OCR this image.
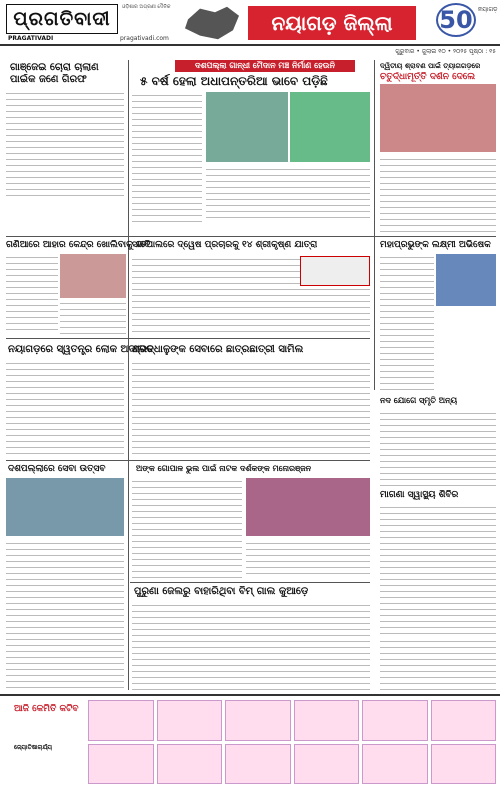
ଓଡ଼ିଶାର ଅଗ୍ରଣୀ ଦୈନିକ
ପ୍ରଗତିବାଦୀ
PRAGATIVADI	pragativadi.com
ନୟାଗଡ଼ ଜିଲ୍ଲା	50 ନୟାଗଡ଼
ଗୁରୁବାର • ଜୁଲାଇ ୧୦ • ୨୦୨୫ ପୃଷ୍ଠା : ୧୫
ଗାଞ୍ଜେଇ ଚୋରା ଚାଲାଣ
ପାଇଁକ ଜଣେ ଗିରଫ
ଦଶପଲ୍ଲା ଗାନ୍ଧୀ ମୈଦାନ ମଞ୍ଚ ନିର୍ମାଣ ହେଉନି
୫ ବର୍ଷ ହେଲା ଅଧାପନ୍ତରିଆ ଭାବେ ପଡ଼ିଛି
ଦ୍ୱିତୀୟ ଶ୍ରାବଣ ପାଇଁ ତ୍ୟାଗଗଡ଼ରେ
ଚତୁର୍ଦ୍ଧାମୂର୍ତ୍ତି ଦର୍ଶନ ଦେଲେ
ଗଣିଆରେ ଆହାର କେନ୍ଦ୍ର ଖୋଲିବାକୁ ଦାବି
ସାତପାଲରେ ଦ୍ୱେଷ ପ୍ରଚାରକୁ ୧୪ ଶ୍ରୀକୃଷ୍ଣ ଯାତ୍ରା	ମହାପ୍ରଭୁଙ୍କ ଲକ୍ଷ୍ମୀ ଅଭିଷେକ
ନୟାଗଡ଼ରେ ସ୍ୱତନ୍ତ୍ର ଲୋକ ଅଦାଲତ
ଶ୍ରଦ୍ଧାଳୁଙ୍କ ସେବାରେ ଛାତ୍ରଛାତ୍ରୀ ସାମିଲ
ନଦ ଯୋଗେ ସ୍ମୃତି ଅନ୍ୟ
ଦଶପଲ୍ଲାରେ ସେବା ଉତ୍ସବ	ଅଙ୍କ ଗୋପାଳ ଭୁଲ ପାଇଁ ନାଟକ ଦର୍ଶକଙ୍କ ମନୋରଞ୍ଜନ
ମାଗଣା ସ୍ୱାସ୍ଥ୍ୟ ଶିବିର
ପୁରୁଣା ଜେଲରୁ ବାହାରିଥିବା ବିମ୍ ଗାଲ କୁଆଡ଼େ
ଆଜି କେମିତି କଟିବ
ଜ୍ୟୋତିଷାଚାର୍ଯ୍ୟ
